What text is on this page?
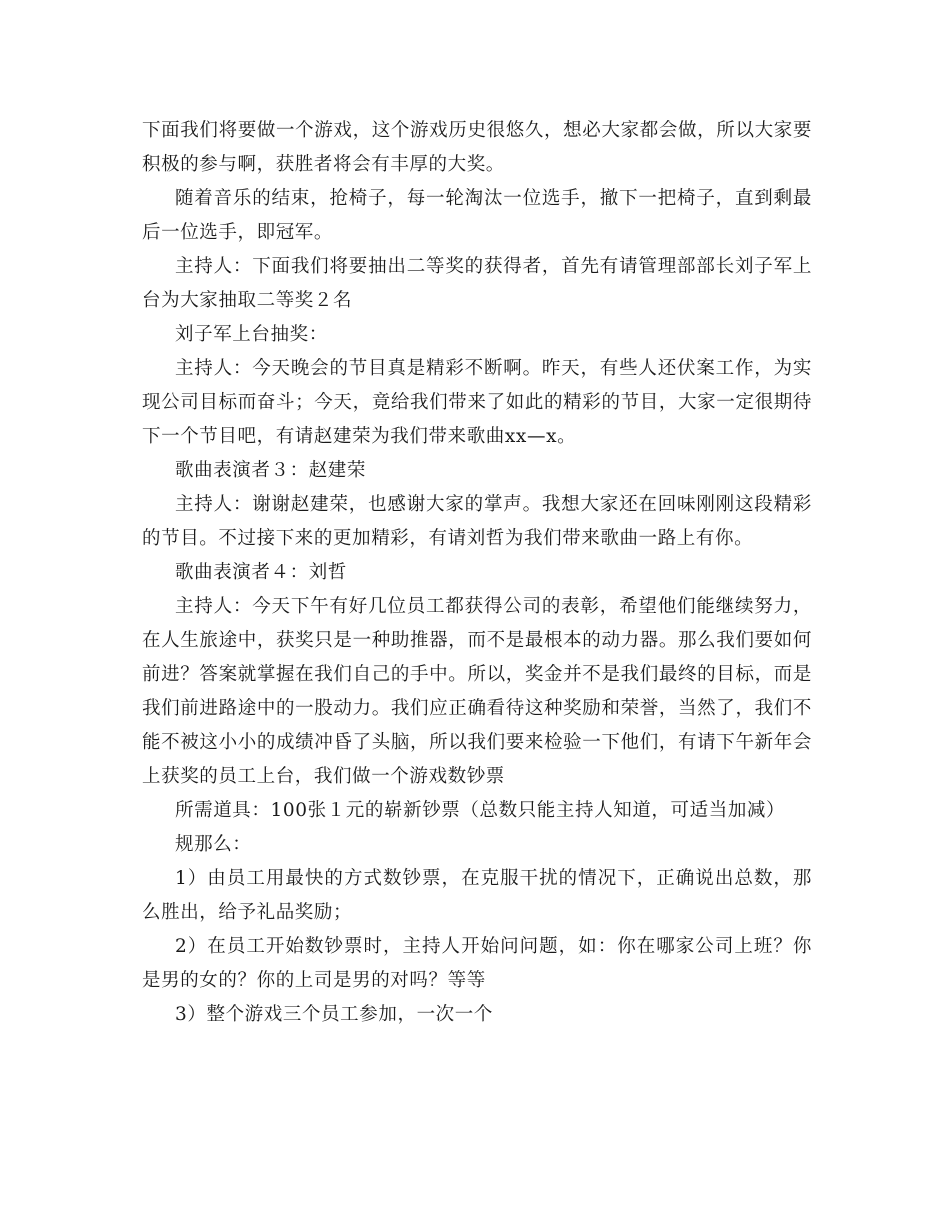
下面我们将要做一个游戏，这个游戏历史很悠久，想必大家都会做，所以大家要积极的参与啊，获胜者将会有丰厚的大奖。

随着音乐的结束，抢椅子，每一轮淘汰一位选手，撤下一把椅子，直到剩最后一位选手，即冠军。

主持人：下面我们将要抽出二等奖的获得者，首先有请管理部部长刘子军上台为大家抽取二等奖２名

刘子军上台抽奖：

主持人：今天晚会的节目真是精彩不断啊。昨天，有些人还伏案工作，为实现公司目标而奋斗；今天，竟给我们带来了如此的精彩的节目，大家一定很期待下一个节目吧，有请赵建荣为我们带来歌曲xx—x。

歌曲表演者３：赵建荣

主持人：谢谢赵建荣，也感谢大家的掌声。我想大家还在回味刚刚这段精彩的节目。不过接下来的更加精彩，有请刘哲为我们带来歌曲一路上有你。

歌曲表演者４：刘哲

主持人：今天下午有好几位员工都获得公司的表彰，希望他们能继续努力，在人生旅途中，获奖只是一种助推器，而不是最根本的动力器。那么我们要如何前进？答案就掌握在我们自己的手中。所以，奖金并不是我们最终的目标，而是我们前进路途中的一股动力。我们应正确看待这种奖励和荣誉，当然了，我们不能不被这小小的成绩冲昏了头脑，所以我们要来检验一下他们，有请下午新年会上获奖的员工上台，我们做一个游戏数钞票

所需道具：100张１元的崭新钞票（总数只能主持人知道，可适当加减）

规那么：

1）由员工用最快的方式数钞票，在克服干扰的情况下，正确说出总数，那么胜出，给予礼品奖励；

2）在员工开始数钞票时，主持人开始问问题，如：你在哪家公司上班？你是男的女的？你的上司是男的对吗？等等

3）整个游戏三个员工参加，一次一个
